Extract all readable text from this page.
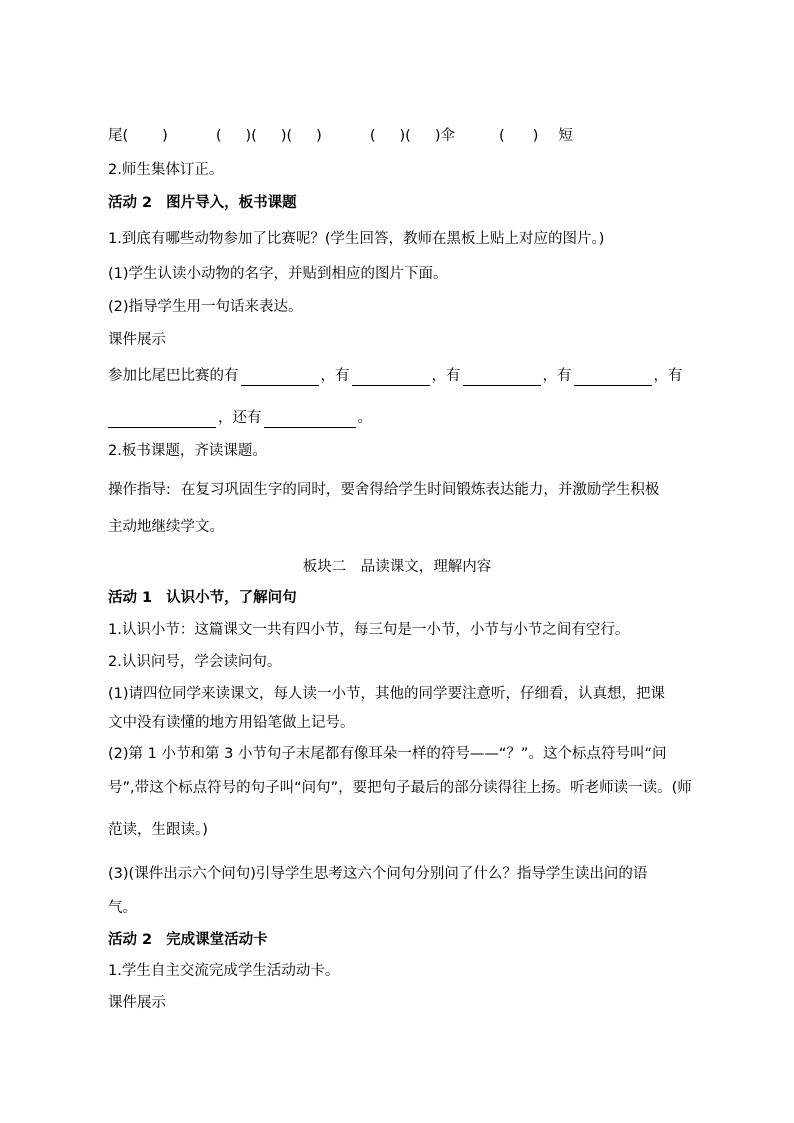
尾( )	( )( )( )	( )( )伞	( ) 短
2.师生集体订正。
活动 2 图片导入，板书课题
1.到底有哪些动物参加了比赛呢？(学生回答，教师在黑板上贴上对应的图片。)
(1)学生认读小动物的名字，并贴到相应的图片下面。
(2)指导学生用一句话来表达。
课件展示
参加比尾巴比赛的有	，有	，有	，有	，有
，还有	。
2.板书课题，齐读课题。
操作指导: 在复习巩固生字的同时，要舍得给学生时间锻炼表达能力，并激励学生积极
主动地继续学文。
板块二　品读课文，理解内容
活动 1 认识小节，了解问句
1.认识小节：这篇课文一共有四小节，每三句是一小节，小节与小节之间有空行。
2.认识问号，学会读问句。
(1)请四位同学来读课文，每人读一小节，其他的同学要注意听，仔细看，认真想，把课
文中没有读懂的地方用铅笔做上记号。
(2)第 1 小节和第 3 小节句子末尾都有像耳朵一样的符号——“？”。这个标点符号叫“问
号”,带这个标点符号的句子叫“问句”，要把句子最后的部分读得往上扬。听老师读一读。(师
范读，生跟读。)
(3)(课件出示六个问句)引导学生思考这六个问句分别问了什么？指导学生读出问的语
气。
活动 2 完成课堂活动卡
1.学生自主交流完成学生活动动卡。
课件展示
